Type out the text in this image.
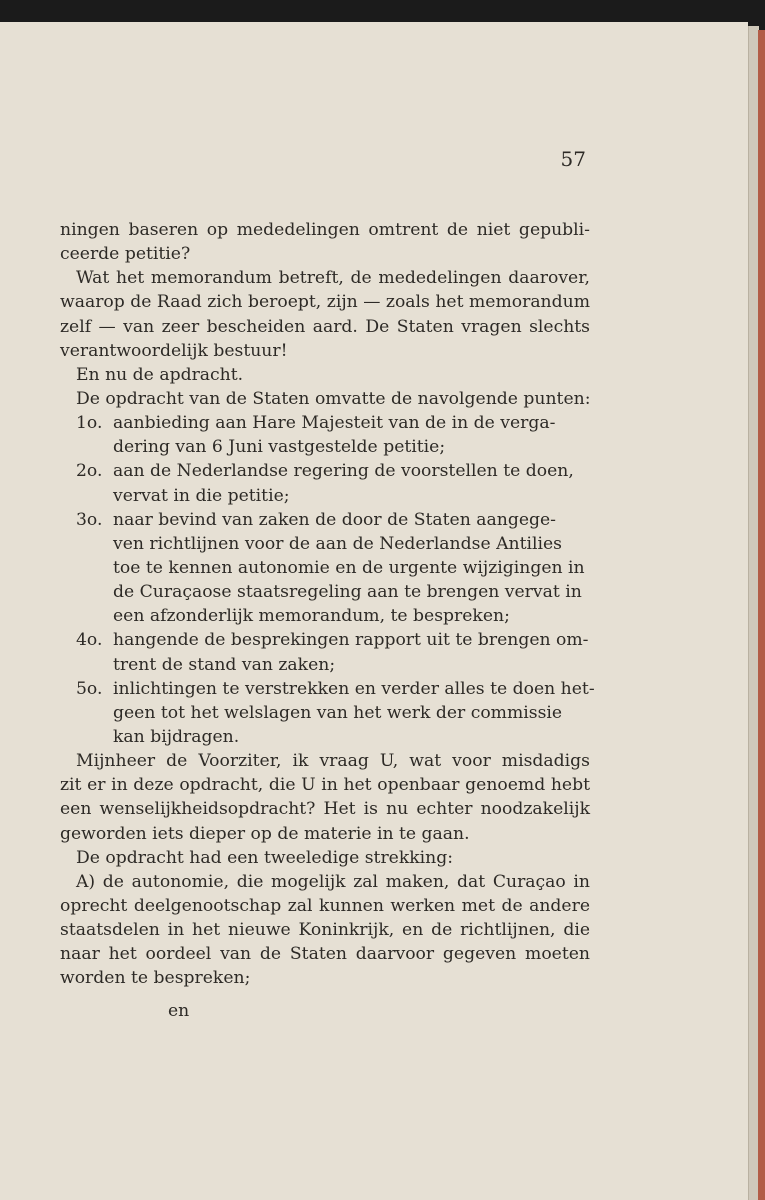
57
ningen baseren op mededelingen omtrent de niet gepubli-
ceerde petitie?
Wat het memorandum betreft, de mededelingen daarover,
waarop de Raad zich beroept, zijn — zoals het memorandum
zelf — van zeer bescheiden aard. De Staten vragen slechts
verantwoordelijk bestuur!
En nu de apdracht.
De opdracht van de Staten omvatte de navolgende punten:
1o. aanbieding aan Hare Majesteit van de in de verga-
dering van 6 Juni vastgestelde petitie;
2o. aan de Nederlandse regering de voorstellen te doen,
vervat in die petitie;
3o. naar bevind van zaken de door de Staten aangege-
ven richtlijnen voor de aan de Nederlandse Antilies
toe te kennen autonomie en de urgente wijzigingen in
de Curaçaose staatsregeling aan te brengen vervat in
een afzonderlijk memorandum, te bespreken;
4o. hangende de besprekingen rapport uit te brengen om-
trent de stand van zaken;
5o. inlichtingen te verstrekken en verder alles te doen het-
geen tot het welslagen van het werk der commissie
kan bijdragen.
Mijnheer de Voorziter, ik vraag U, wat voor misdadigs
zit er in deze opdracht, die U in het openbaar genoemd hebt
een wenselijkheidsopdracht? Het is nu echter noodzakelijk
geworden iets dieper op de materie in te gaan.
De opdracht had een tweeledige strekking:
A) de autonomie, die mogelijk zal maken, dat Curaçao in
oprecht deelgenootschap zal kunnen werken met de andere
staatsdelen in het nieuwe Koninkrijk, en de richtlijnen, die
naar het oordeel van de Staten daarvoor gegeven moeten
worden te bespreken;
en
